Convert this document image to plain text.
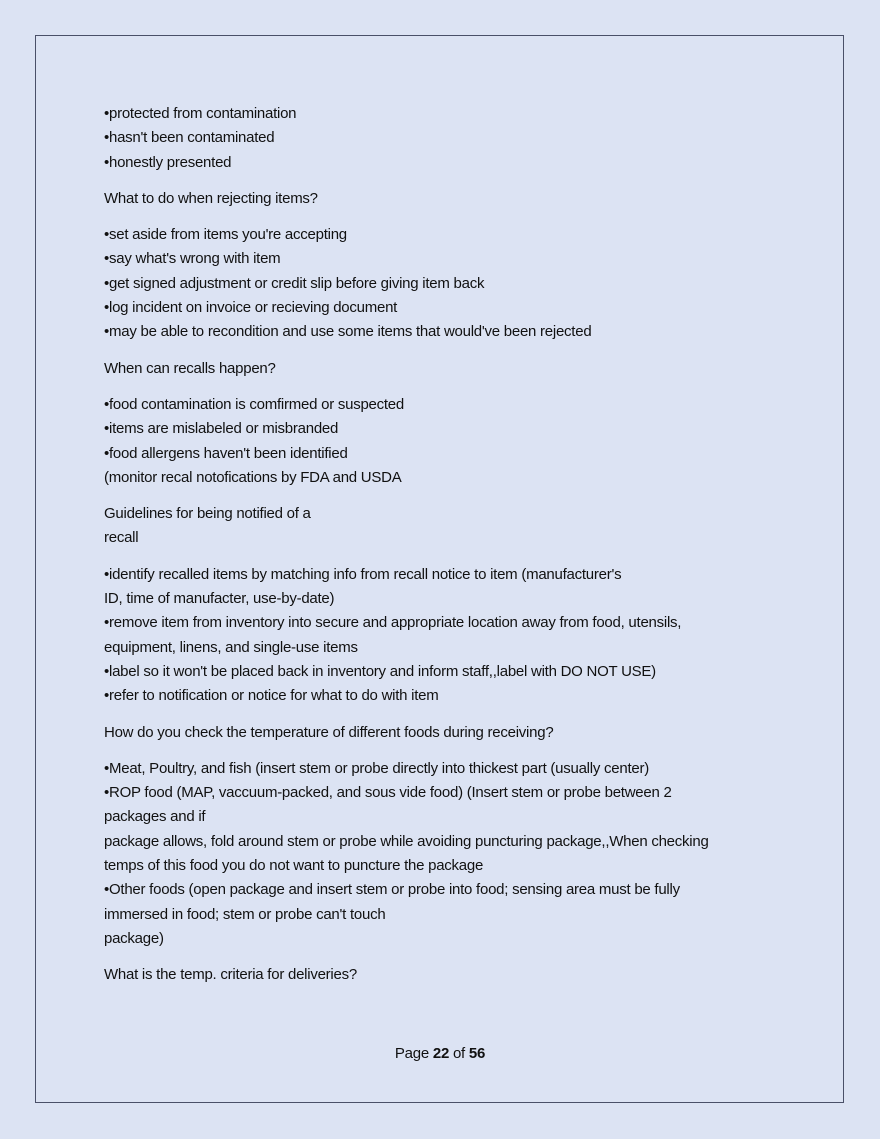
•protected from contamination
•hasn't been contaminated
•honestly presented
What to do when rejecting items?
•set aside from items you're accepting
•say what's wrong with item
•get signed adjustment or credit slip before giving item back
•log incident on invoice or recieving document
•may be able to recondition and use some items that would've been rejected
When can recalls happen?
•food contamination is comfirmed or suspected
•items are mislabeled or misbranded
•food allergens haven't been identified
(monitor recal notofications by FDA and USDA
Guidelines for being notified of a
recall
•identify recalled items by matching info from recall notice to item (manufacturer's
ID, time of manufacter, use-by-date)
•remove item from inventory into secure and appropriate location away from food, utensils,
equipment, linens, and single-use items
•label so it won't be placed back in inventory and inform staff,,label with DO NOT USE)
•refer to notification or notice for what to do with item
How do you check the temperature of different foods during receiving?
•Meat, Poultry, and fish (insert stem or probe directly into thickest part (usually center)
•ROP food (MAP, vaccuum-packed, and sous vide food) (Insert stem or probe between 2
packages and if
package allows, fold around stem or probe while avoiding puncturing package,,When checking
temps of this food you do not want to puncture the package
•Other foods (open package and insert stem or probe into food; sensing area must be fully
immersed in food; stem or probe can't touch
package)
What is the temp. criteria for deliveries?
Page 22 of 56
